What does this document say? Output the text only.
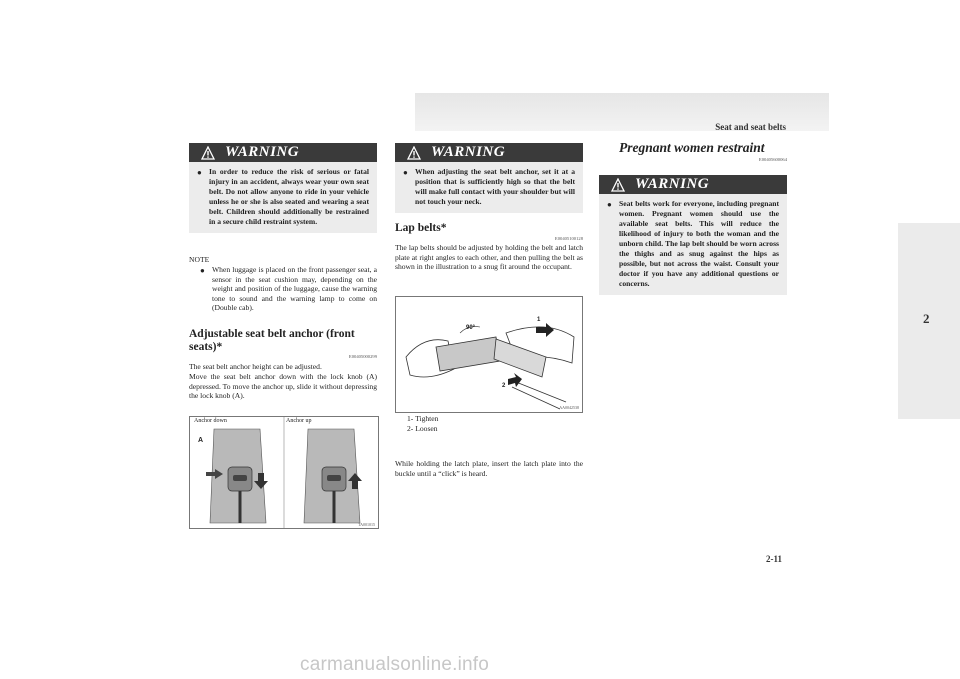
Seat and seat belts
2
WARNING
● In order to reduce the risk of serious or fatal injury in an accident, always wear your own seat belt. Do not allow anyone to ride in your vehicle unless he or she is also seated and wearing a seat belt. Children should additionally be restrained in a secure child restraint system.

NOTE
● When luggage is placed on the front passenger seat, a sensor in the seat cushion may, depending on the weight and position of the luggage, cause the warning tone to sound and the warning lamp to come on (Double cab).

Adjustable seat belt anchor (front seats)*
E00405000299

The seat belt anchor height can be adjusted.

Move the seat belt anchor down with the lock knob (A) depressed. To move the anchor up, slide it without depressing the lock knob (A).

Anchor down	Anchor up
A
TA001015
WARNING
● When adjusting the seat belt anchor, set it at a position that is sufficiently high so that the belt will make full contact with your shoulder but will not touch your neck.

Lap belts*
E00405100128

The lap belts should be adjusted by holding the belt and latch plate at right angles to each other, and then pulling the belt as shown in the illustration to a snug fit around the occupant.

90°
1
2
AA0042538
1- Tighten
2- Loosen

While holding the latch plate, insert the latch plate into the buckle until a “click” is heard.

Pregnant women restraint
E00405600064
WARNING
● Seat belts work for everyone, including pregnant women. Pregnant women should use the available seat belts. This will reduce the likelihood of injury to both the woman and the unborn child. The lap belt should be worn across the thighs and as snug against the hips as possible, but not across the waist. Consult your doctor if you have any additional questions or concerns.

2-11
carmanualsonline.info
